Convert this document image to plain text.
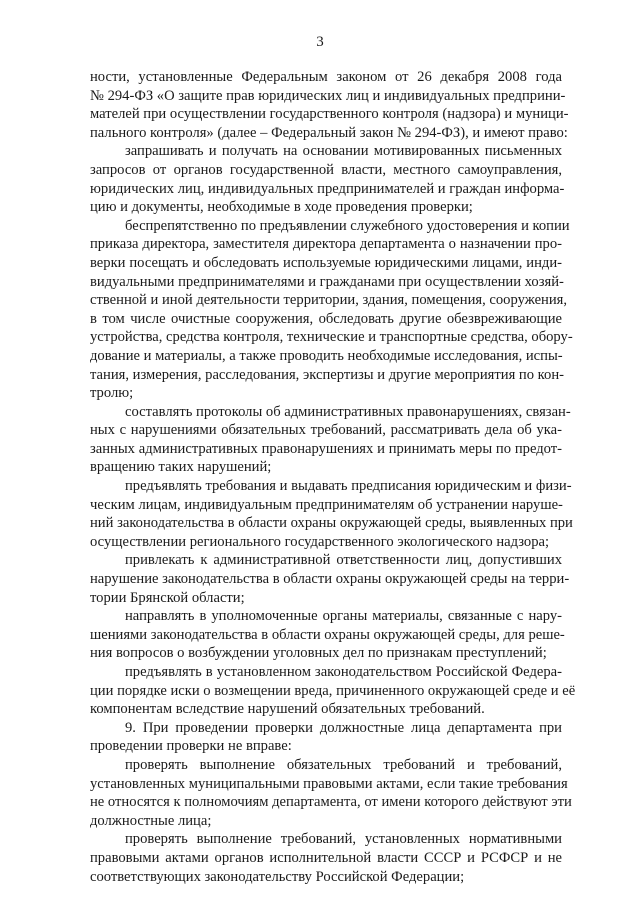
3
ности, установленные Федеральным законом от 26 декабря 2008 года
№ 294-ФЗ «О защите прав юридических лиц и индивидуальных предприни-
мателей при осуществлении государственного контроля (надзора) и муници-
пального контроля» (далее – Федеральный закон № 294-ФЗ), и имеют право:
запрашивать и получать на основании мотивированных письменных
запросов от органов государственной власти, местного самоуправления,
юридических лиц, индивидуальных предпринимателей и граждан информа-
цию и документы, необходимые в ходе проведения проверки;
беспрепятственно по предъявлении служебного удостоверения и копии
приказа директора, заместителя директора департамента о назначении про-
верки посещать и обследовать используемые юридическими лицами, инди-
видуальными предпринимателями и гражданами при осуществлении хозяй-
ственной и иной деятельности территории, здания, помещения, сооружения,
в том числе очистные сооружения, обследовать другие обезвреживающие
устройства, средства контроля, технические и транспортные средства, обору-
дование и материалы, а также проводить необходимые исследования, испы-
тания, измерения, расследования, экспертизы и другие мероприятия по кон-
тролю;
составлять протоколы об административных правонарушениях, связан-
ных с нарушениями обязательных требований, рассматривать дела об ука-
занных административных правонарушениях и принимать меры по предот-
вращению таких нарушений;
предъявлять требования и выдавать предписания юридическим и физи-
ческим лицам, индивидуальным предпринимателям об устранении наруше-
ний законодательства в области охраны окружающей среды, выявленных при
осуществлении регионального государственного экологического надзора;
привлекать к административной ответственности лиц, допустивших
нарушение законодательства в области охраны окружающей среды на терри-
тории Брянской области;
направлять в уполномоченные органы материалы, связанные с нару-
шениями законодательства в области охраны окружающей среды, для реше-
ния вопросов о возбуждении уголовных дел по признакам преступлений;
предъявлять в установленном законодательством Российской Федера-
ции порядке иски о возмещении вреда, причиненного окружающей среде и её
компонентам вследствие нарушений обязательных требований.
9. При проведении проверки должностные лица департамента при
проведении проверки не вправе:
проверять выполнение обязательных требований и требований,
установленных муниципальными правовыми актами, если такие требования
не относятся к полномочиям департамента, от имени которого действуют эти
должностные лица;
проверять выполнение требований, установленных нормативными
правовыми актами органов исполнительной власти СССР и РСФСР и не
соответствующих законодательству Российской Федерации;
